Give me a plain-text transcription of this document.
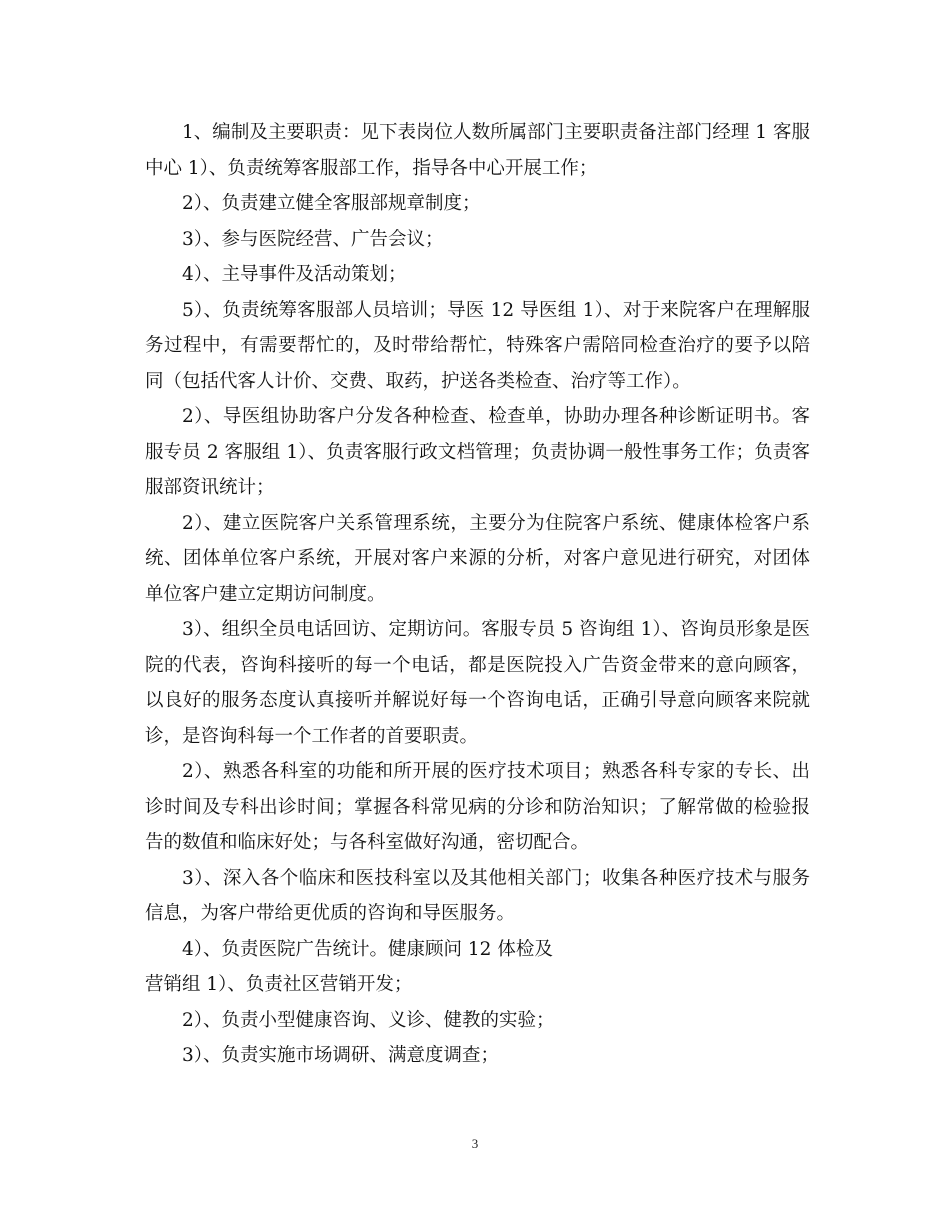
1、编制及主要职责：见下表岗位人数所属部门主要职责备注部门经理 1 客服中心 1）、负责统筹客服部工作，指导各中心开展工作；

2）、负责建立健全客服部规章制度；

3）、参与医院经营、广告会议；

4）、主导事件及活动策划；

5）、负责统筹客服部人员培训；导医 12 导医组 1）、对于来院客户在理解服务过程中，有需要帮忙的，及时带给帮忙，特殊客户需陪同检查治疗的要予以陪同（包括代客人计价、交费、取药，护送各类检查、治疗等工作）。

2）、导医组协助客户分发各种检查、检查单，协助办理各种诊断证明书。客服专员 2 客服组 1）、负责客服行政文档管理；负责协调一般性事务工作；负责客服部资讯统计；

2）、建立医院客户关系管理系统，主要分为住院客户系统、健康体检客户系统、团体单位客户系统，开展对客户来源的分析，对客户意见进行研究，对团体单位客户建立定期访问制度。

3）、组织全员电话回访、定期访问。客服专员 5 咨询组 1）、咨询员形象是医院的代表，咨询科接听的每一个电话，都是医院投入广告资金带来的意向顾客，以良好的服务态度认真接听并解说好每一个咨询电话，正确引导意向顾客来院就诊，是咨询科每一个工作者的首要职责。

2）、熟悉各科室的功能和所开展的医疗技术项目；熟悉各科专家的专长、出诊时间及专科出诊时间；掌握各科常见病的分诊和防治知识；了解常做的检验报告的数值和临床好处；与各科室做好沟通，密切配合。

3）、深入各个临床和医技科室以及其他相关部门；收集各种医疗技术与服务信息，为客户带给更优质的咨询和导医服务。

4）、负责医院广告统计。健康顾问 12 体检及

营销组 1）、负责社区营销开发；

2）、负责小型健康咨询、义诊、健教的实验；

3）、负责实施市场调研、满意度调查；

3
